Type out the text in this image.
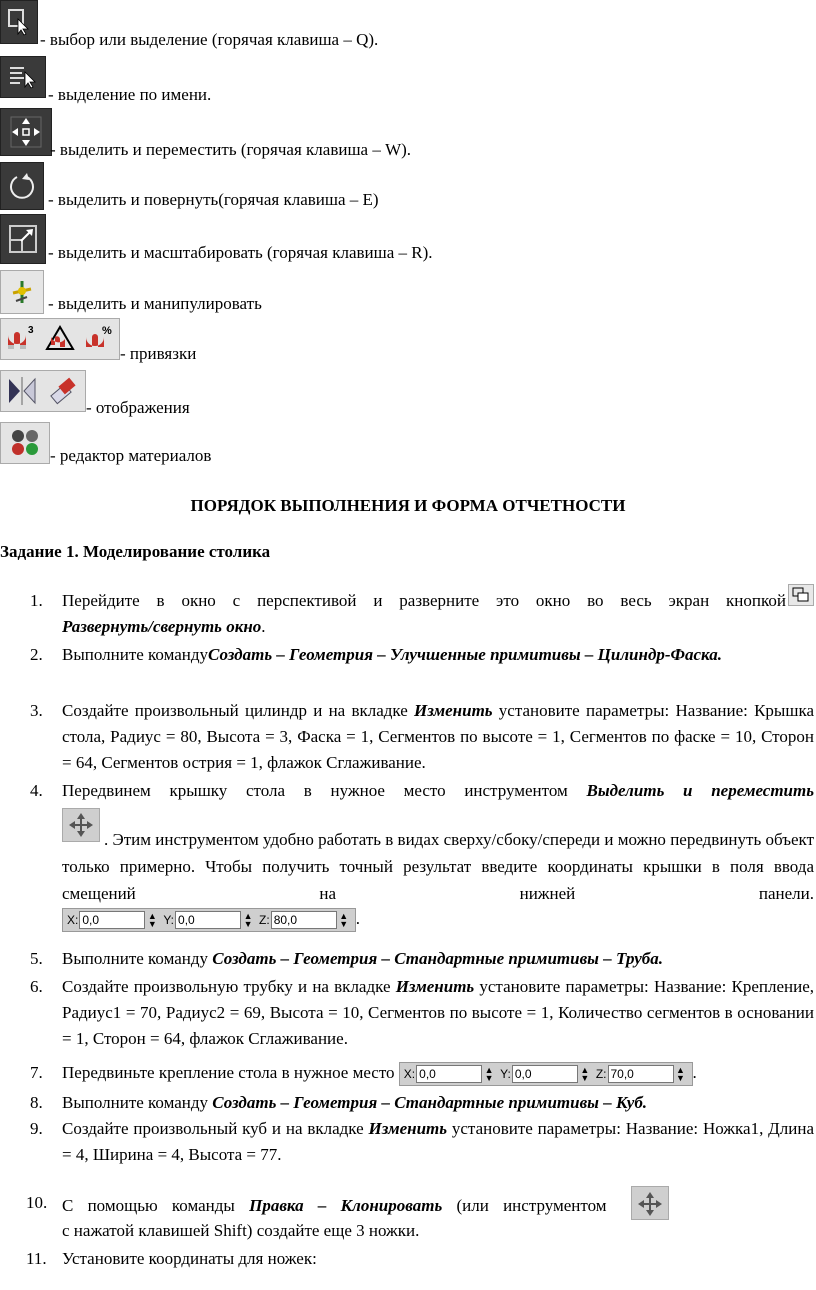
3	%
- выбор или выделение (горячая клавиша – Q).
- выделение по имени.
- выделить и переместить (горячая клавиша – W).
- выделить и повернуть(горячая клавиша – E)
- выделить и масштабировать (горячая клавиша – R).
- выделить и манипулировать
- привязки
- отображения
- редактор материалов
ПОРЯДОК ВЫПОЛНЕНИЯ И ФОРМА ОТЧЕТНОСТИ
Задание 1. Моделирование столика
1.	Перейдите в окно с перспективой и разверните это окно во весь экран кнопкой
Развернуть/свернуть окно.
2.	Выполните командуСоздать – Геометрия – Улучшенные примитивы – Цилиндр-Фаска.
3.	Создайте произвольный цилиндр и на вкладке Изменить установите параметры: Название: Крышка стола, Радиус = 80, Высота = 3, Фаска = 1, Сегментов по высоте = 1, Сегментов по фаске = 10, Сторон = 64, Сегментов острия = 1, флажок Сглаживание.
4.	Передвинем крышку стола в нужное место инструментом Выделить и переместить
. Этим инструментом удобно работать в видах сверху/сбоку/спереди и можно передвинуть объект только примерно. Чтобы получить точный результат введите координаты крышки в поля ввода смещений на нижней панели.
X: 0,0	▲
▼ Y: 0,0	▲
▼ Z: 80,0	▲
▼ .
5.	Выполните команду Создать – Геометрия – Стандартные примитивы – Труба.
6.	Создайте произвольную трубку и на вкладке Изменить установите параметры: Название: Крепление, Радиус1 = 70, Радиус2 = 69, Высота = 10, Сегментов по высоте = 1, Количество сегментов в основании = 1, Сторон = 64, флажок Сглаживание.
7.	Передвиньте крепление стола в нужное место X: 0,0	▲
▼ Y: 0,0	▲
▼ Z: 70,0	▲
▼ .
8.	Выполните команду Создать – Геометрия – Стандартные примитивы – Куб.
9.	Создайте произвольный куб и на вкладке Изменить установите параметры: Название: Ножка1, Длина = 4, Ширина = 4, Высота = 77.
10. С помощью команды Правка – Клонировать (или инструментом
с нажатой клавишей Shift) создайте еще 3 ножки.
11. Установите координаты для ножек:
